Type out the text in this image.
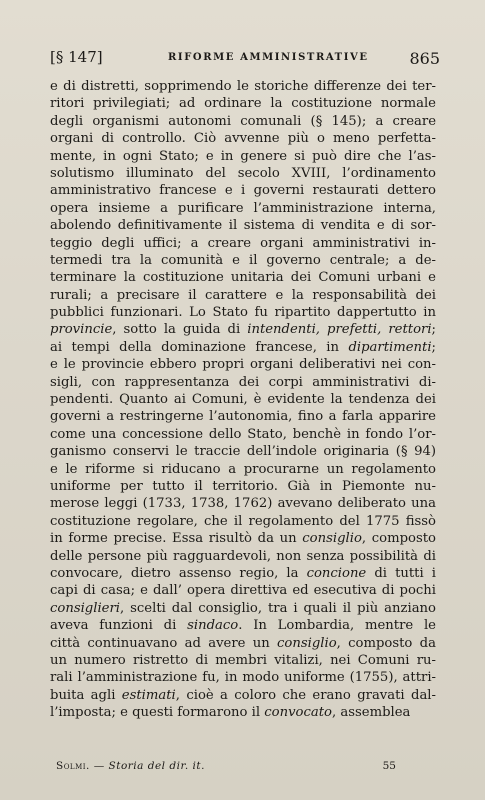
[§ 147]	RIFORME AMMINISTRATIVE	865
e di distretti, sopprimendo le storiche differenze dei ter-
ritori privilegiati; ad ordinare la costituzione normale
degli organismi autonomi comunali (§ 145); a creare
organi di controllo. Ciò avvenne più o meno perfetta-
mente, in ogni Stato; e in genere si può dire che l’as-
solutismo illuminato del secolo XVIII, l’ordinamento
amministrativo francese e i governi restaurati dettero
opera insieme a purificare l’amministrazione interna,
abolendo definitivamente il sistema di vendita e di sor-
teggio degli uffici; a creare organi amministrativi in-
termedi tra la comunità e il governo centrale; a de-
terminare la costituzione unitaria dei Comuni urbani e
rurali; a precisare il carattere e la responsabilità dei
pubblici funzionari. Lo Stato fu ripartito dappertutto in
provincie, sotto la guida di intendenti, prefetti, rettori;
ai tempi della dominazione francese, in dipartimenti;
e le provincie ebbero propri organi deliberativi nei con-
sigli, con rappresentanza dei corpi amministrativi di-
pendenti. Quanto ai Comuni, è evidente la tendenza dei
governi a restringerne l’autonomia, fino a farla apparire
come una concessione dello Stato, benchè in fondo l’or-
ganismo conservi le traccie dell’indole originaria (§ 94)
e le riforme si riducano a procurarne un regolamento
uniforme per tutto il territorio. Già in Piemonte nu-
merose leggi (1733, 1738, 1762) avevano deliberato una
costituzione regolare, che il regolamento del 1775 fissò
in forme precise. Essa risultò da un consiglio, composto
delle persone più ragguardevoli, non senza possibilità di
convocare, dietro assenso regio, la concione di tutti i
capi di casa; e dall’ opera direttiva ed esecutiva di pochi
consiglieri, scelti dal consiglio, tra i quali il più anziano
aveva funzioni di sindaco. In Lombardia, mentre le
città continuavano ad avere un consiglio, composto da
un numero ristretto di membri vitalizi, nei Comuni ru-
rali l’amministrazione fu, in modo uniforme (1755), attri-
buita agli estimati, cioè a coloro che erano gravati dal-
l’imposta; e questi formarono il convocato, assemblea
Solmi. — Storia del dir. it.	55
